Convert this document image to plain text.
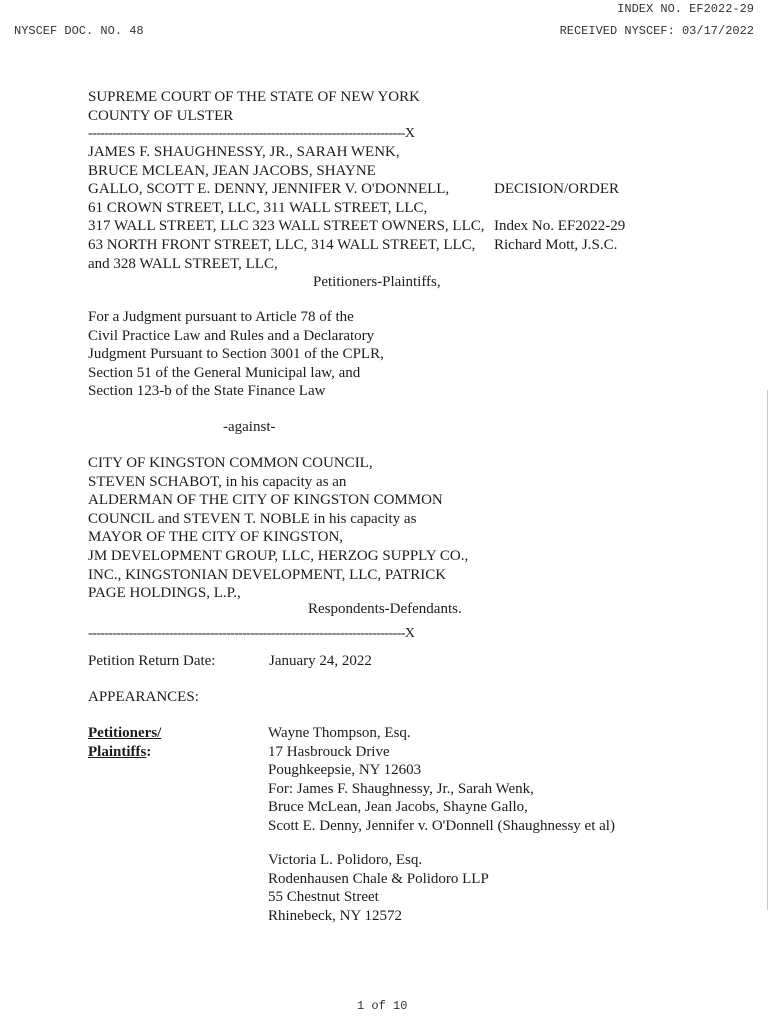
INDEX NO. EF2022-29
NYSCEF DOC. NO. 48	RECEIVED NYSCEF: 03/17/2022
SUPREME COURT OF THE STATE OF NEW YORK
COUNTY OF ULSTER
------------------------------------------------------------------------------X
JAMES F. SHAUGHNESSY, JR., SARAH WENK,
BRUCE MCLEAN, JEAN JACOBS, SHAYNE
GALLO, SCOTT E. DENNY, JENNIFER V. O'DONNELL,
61 CROWN STREET, LLC, 311 WALL STREET, LLC,
317 WALL STREET, LLC 323 WALL STREET OWNERS, LLC,
63 NORTH FRONT STREET, LLC, 314 WALL STREET, LLC,
and 328 WALL STREET, LLC,
Petitioners-Plaintiffs,
DECISION/ORDER
Index No. EF2022-29
Richard Mott, J.S.C.
For a Judgment pursuant to Article 78 of the
Civil Practice Law and Rules and a Declaratory
Judgment Pursuant to Section 3001 of the CPLR,
Section 51 of the General Municipal law, and
Section 123-b of the State Finance Law
-against-
CITY OF KINGSTON COMMON COUNCIL,
STEVEN SCHABOT, in his capacity as an
ALDERMAN OF THE CITY OF KINGSTON COMMON
COUNCIL and STEVEN T. NOBLE in his capacity as
MAYOR OF THE CITY OF KINGSTON,
JM DEVELOPMENT GROUP, LLC, HERZOG SUPPLY CO.,
INC., KINGSTONIAN DEVELOPMENT, LLC, PATRICK
PAGE HOLDINGS, L.P.,
Respondents-Defendants.
------------------------------------------------------------------------------X
Petition Return Date:	January 24, 2022
APPEARANCES:
Petitioners/
Plaintiffs:
Wayne Thompson, Esq.
17 Hasbrouck Drive
Poughkeepsie, NY 12603
For: James F. Shaughnessy, Jr., Sarah Wenk,
Bruce McLean, Jean Jacobs, Shayne Gallo,
Scott E. Denny, Jennifer v. O'Donnell (Shaughnessy et al)
Victoria L. Polidoro, Esq.
Rodenhausen Chale & Polidoro LLP
55 Chestnut Street
Rhinebeck, NY 12572
1 of 10
